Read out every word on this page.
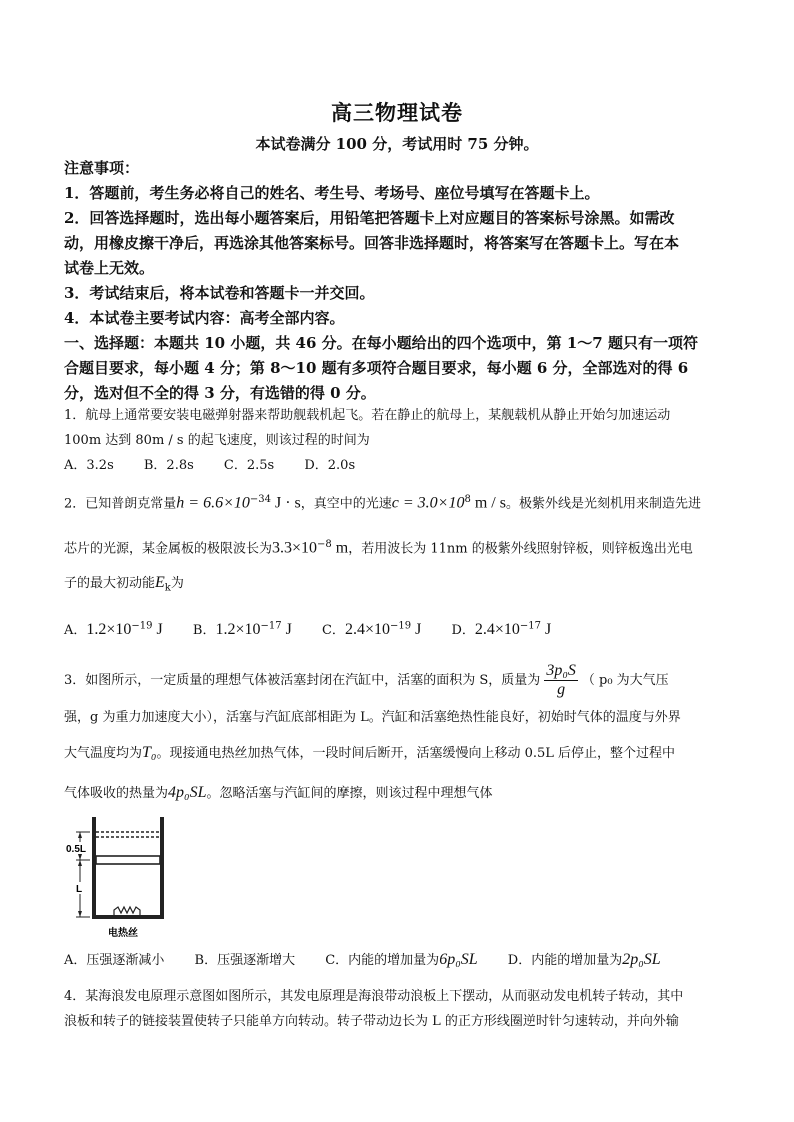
高三物理试卷
本试卷满分 100 分，考试用时 75 分钟。
注意事项：
1．答题前，考生务必将自己的姓名、考生号、考场号、座位号填写在答题卡上。
2．回答选择题时，选出每小题答案后，用铅笔把答题卡上对应题目的答案标号涂黑。如需改
动，用橡皮擦干净后，再选涂其他答案标号。回答非选择题时，将答案写在答题卡上。写在本
试卷上无效。
3．考试结束后，将本试卷和答题卡一并交回。
4．本试卷主要考试内容：高考全部内容。
一、选择题：本题共 10 小题，共 46 分。在每小题给出的四个选项中，第 1～7 题只有一项符
合题目要求，每小题 4 分；第 8～10 题有多项符合题目要求，每小题 6 分，全部选对的得 6
分，选对但不全的得 3 分，有选错的得 0 分。
1．航母上通常要安装电磁弹射器来帮助舰载机起飞。若在静止的航母上，某舰载机从静止开始匀加速运动
100m 达到 80m / s 的起飞速度，则该过程的时间为
A．3.2s B．2.8s C．2.5s D．2.0s
2．已知普朗克常量$h = 6.6\times 10^{-34}$ J · s，真空中的光速$c = 3.0\times 10^8$ m / s。极紫外线是光刻机用来制造先进
芯片的光源，某金属板的极限波长为$3.3\times 10^{-8}$ m，若用波长为 11nm 的极紫外线照射锌板，则锌板逸出光电
子的最大初动能$E_k$为
A．$1.2\times 10^{-19}$ J B．$1.2\times 10^{-17}$ J C．$2.4\times 10^{-19}$ J D．$2.4\times 10^{-17}$ J
3．如图所示，一定质量的理想气体被活塞封闭在汽缸中，活塞的面积为 S，质量为 $\frac{\text{3p₀S}}{g}$ （ p₀ 为大气压
强，g 为重力加速度大小），活塞与汽缸底部相距为 L。汽缸和活塞绝热性能良好，初始时气体的温度与外界
大气温度均为T₀。现接通电热丝加热气体，一段时间后断开，活塞缓慢向上移动 0.5L 后停止，整个过程中
气体吸收的热量为4p₀SL。忽略活塞与汽缸间的摩擦，则该过程中理想气体
0.5L
L
电热丝
A．压强逐渐减小 B．压强逐渐增大 C．内能的增加量为6p₀SL D．内能的增加量为2p₀SL
4．某海浪发电原理示意图如图所示，其发电原理是海浪带动浪板上下摆动，从而驱动发电机转子转动，其中
浪板和转子的链接装置使转子只能单方向转动。转子带动边长为 L 的正方形线圈逆时针匀速转动，并向外输
